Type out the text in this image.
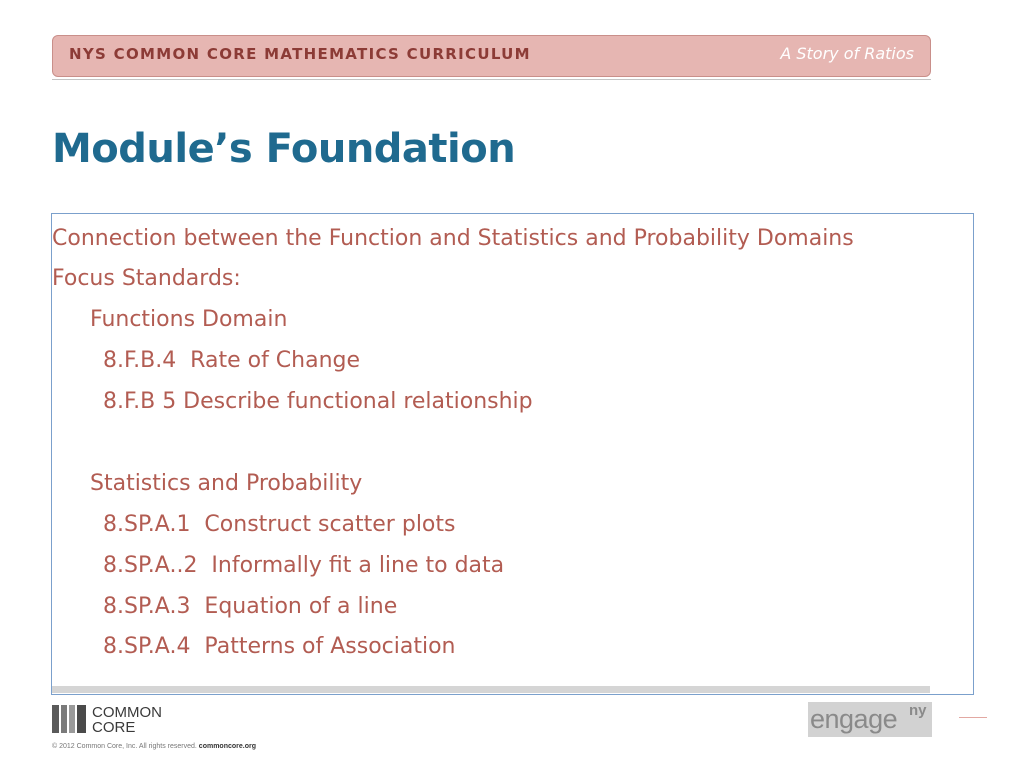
NYS COMMON CORE MATHEMATICS CURRICULUM	A Story of Ratios
Module’s Foundation
Connection between the Function and Statistics and Probability Domains
Focus Standards:
Functions Domain
8.F.B.4  Rate of Change
8.F.B 5 Describe functional relationship
Statistics and Probability
8.SP.A.1  Construct scatter plots
8.SP.A..2  Informally fit a line to data
8.SP.A.3  Equation of a line
8.SP.A.4  Patterns of Association
COMMON
CORE
© 2012 Common Core, Inc. All rights reserved. commoncore.org
engage ny
